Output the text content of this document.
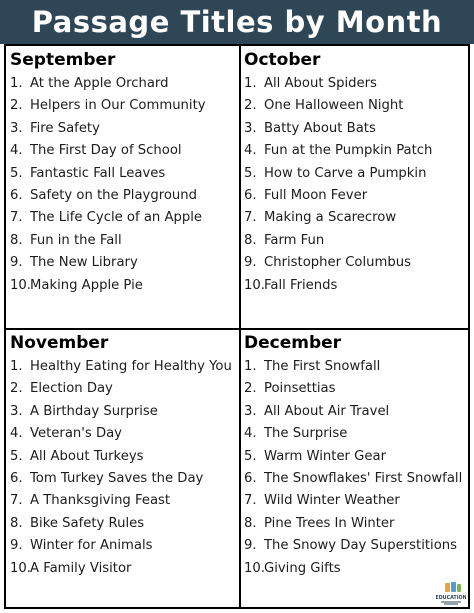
Passage Titles by Month
September
1. At the Apple Orchard
2. Helpers in Our Community
3. Fire Safety
4. The First Day of School
5. Fantastic Fall Leaves
6. Safety on the Playground
7. The Life Cycle of an Apple
8. Fun in the Fall
9. The New Library
10. Making Apple Pie
October
1. All About Spiders
2. One Halloween Night
3. Batty About Bats
4. Fun at the Pumpkin Patch
5. How to Carve a Pumpkin
6. Full Moon Fever
7. Making a Scarecrow
8. Farm Fun
9. Christopher Columbus
10. Fall Friends
November
1. Healthy Eating for Healthy You
2. Election Day
3. A Birthday Surprise
4. Veteran's Day
5. All About Turkeys
6. Tom Turkey Saves the Day
7. A Thanksgiving Feast
8. Bike Safety Rules
9. Winter for Animals
10. A Family Visitor
December
1. The First Snowfall
2. Poinsettias
3. All About Air Travel
4. The Surprise
5. Warm Winter Gear
6. The Snowflakes' First Snowfall
7. Wild Winter Weather
8. Pine Trees In Winter
9. The Snowy Day Superstitions
10. Giving Gifts
EDUCATION
